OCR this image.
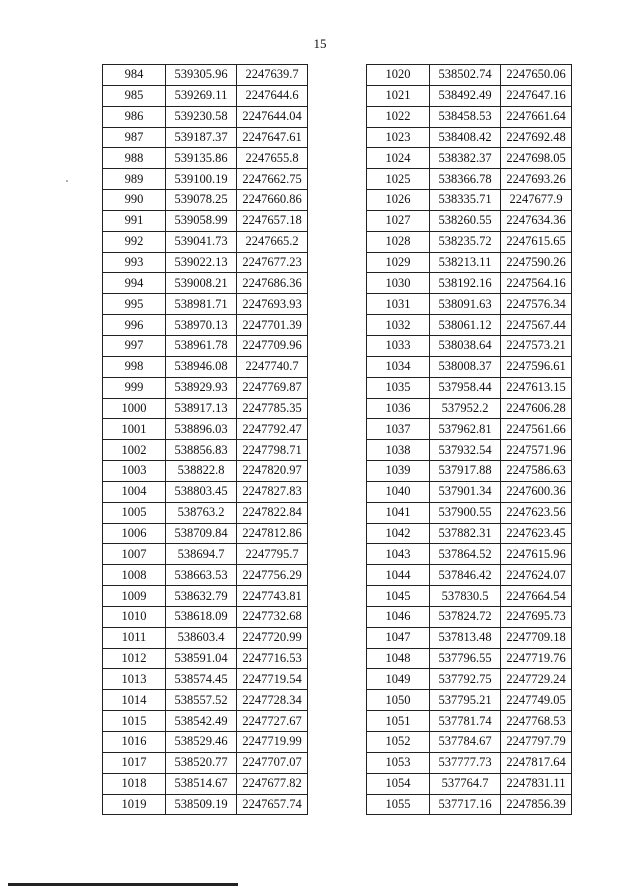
15
984	539305.96	2247639.7
985	539269.11	2247644.6
986	539230.58	2247644.04
987	539187.37	2247647.61
988	539135.86	2247655.8
989	539100.19	2247662.75
990	539078.25	2247660.86
991	539058.99	2247657.18
992	539041.73	2247665.2
993	539022.13	2247677.23
994	539008.21	2247686.36
995	538981.71	2247693.93
996	538970.13	2247701.39
997	538961.78	2247709.96
998	538946.08	2247740.7
999	538929.93	2247769.87
1000	538917.13	2247785.35
1001	538896.03	2247792.47
1002	538856.83	2247798.71
1003	538822.8	2247820.97
1004	538803.45	2247827.83
1005	538763.2	2247822.84
1006	538709.84	2247812.86
1007	538694.7	2247795.7
1008	538663.53	2247756.29
1009	538632.79	2247743.81
1010	538618.09	2247732.68
1011	538603.4	2247720.99
1012	538591.04	2247716.53
1013	538574.45	2247719.54
1014	538557.52	2247728.34
1015	538542.49	2247727.67
1016	538529.46	2247719.99
1017	538520.77	2247707.07
1018	538514.67	2247677.82
1019	538509.19	2247657.74
1020	538502.74	2247650.06
1021	538492.49	2247647.16
1022	538458.53	2247661.64
1023	538408.42	2247692.48
1024	538382.37	2247698.05
1025	538366.78	2247693.26
1026	538335.71	2247677.9
1027	538260.55	2247634.36
1028	538235.72	2247615.65
1029	538213.11	2247590.26
1030	538192.16	2247564.16
1031	538091.63	2247576.34
1032	538061.12	2247567.44
1033	538038.64	2247573.21
1034	538008.37	2247596.61
1035	537958.44	2247613.15
1036	537952.2	2247606.28
1037	537962.81	2247561.66
1038	537932.54	2247571.96
1039	537917.88	2247586.63
1040	537901.34	2247600.36
1041	537900.55	2247623.56
1042	537882.31	2247623.45
1043	537864.52	2247615.96
1044	537846.42	2247624.07
1045	537830.5	2247664.54
1046	537824.72	2247695.73
1047	537813.48	2247709.18
1048	537796.55	2247719.76
1049	537792.75	2247729.24
1050	537795.21	2247749.05
1051	537781.74	2247768.53
1052	537784.67	2247797.79
1053	537777.73	2247817.64
1054	537764.7	2247831.11
1055	537717.16	2247856.39
